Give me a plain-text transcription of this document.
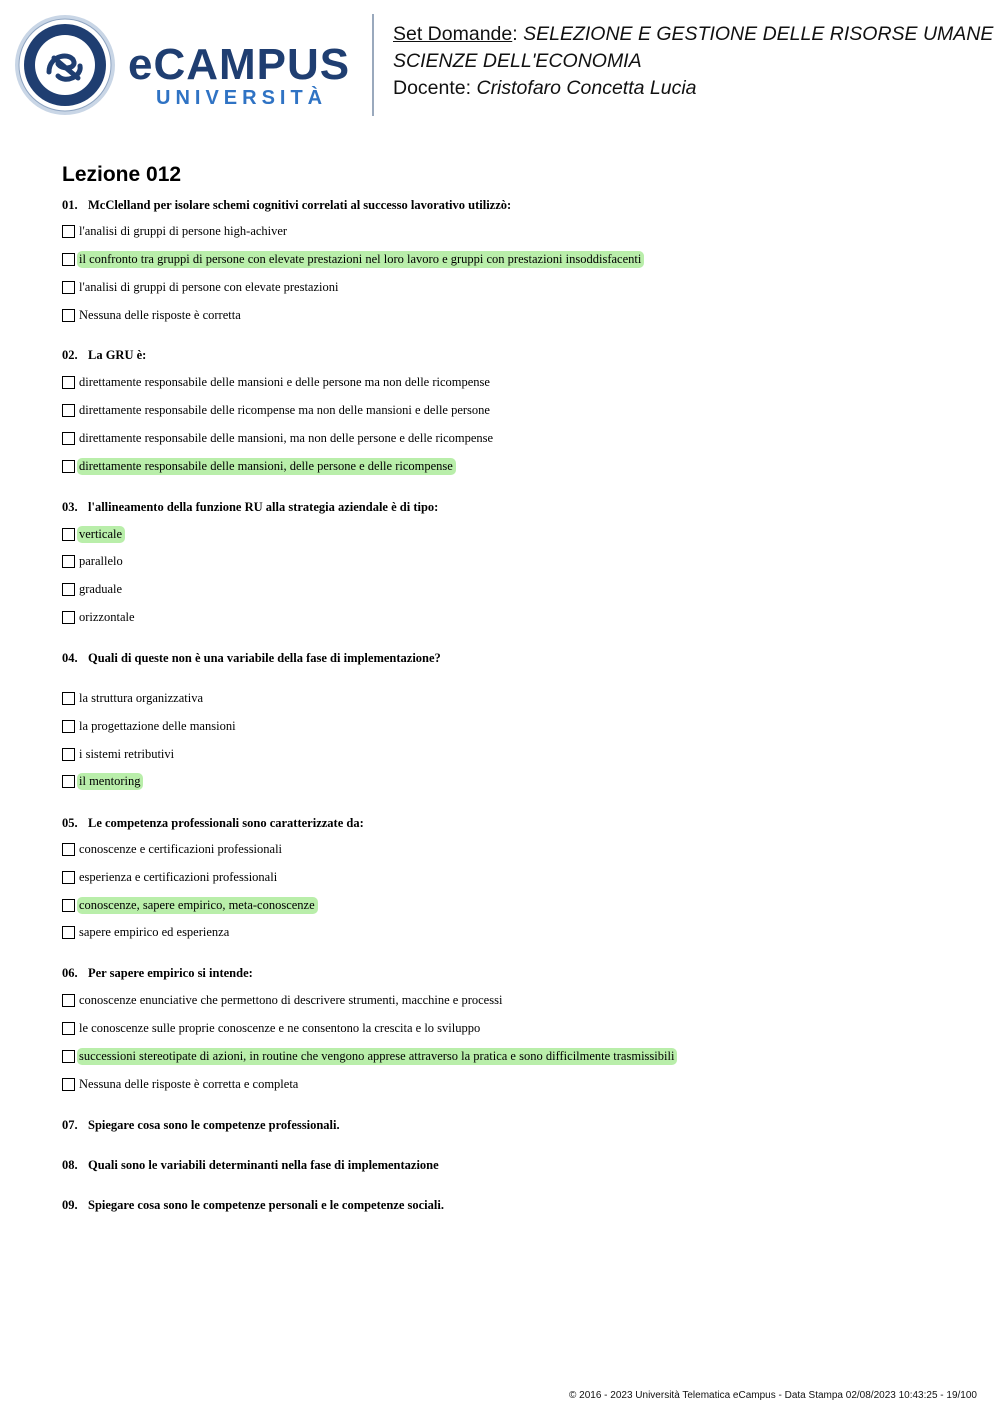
eCAMPUS
UNIVERSITÀ
Set Domande: SELEZIONE E GESTIONE DELLE RISORSE UMANE
SCIENZE DELL'ECONOMIA
Docente: Cristofaro Concetta Lucia
Lezione 012
01. McClelland per isolare schemi cognitivi correlati al successo lavorativo utilizzò:
l'analisi di gruppi di persone high-achiver
il confronto tra gruppi di persone con elevate prestazioni nel loro lavoro e gruppi con prestazioni insoddisfacenti
l'analisi di gruppi di persone con elevate prestazioni
Nessuna delle risposte è corretta
02. La GRU è:
direttamente responsabile delle mansioni e delle persone ma non delle ricompense
direttamente responsabile delle ricompense ma non delle mansioni e delle persone
direttamente responsabile delle mansioni, ma non delle persone e delle ricompense
direttamente responsabile delle mansioni, delle persone e delle ricompense
03. l'allineamento della funzione RU alla strategia aziendale è di tipo:
verticale
parallelo
graduale
orizzontale
04. Quali di queste non è una variabile della fase di implementazione?
la struttura organizzativa
la progettazione delle mansioni
i sistemi retributivi
il mentoring
05. Le competenza professionali sono caratterizzate da:
conoscenze e certificazioni professionali
esperienza e certificazioni professionali
conoscenze, sapere empirico, meta-conoscenze
sapere empirico ed esperienza
06. Per sapere empirico si intende:
conoscenze enunciative che permettono di descrivere strumenti, macchine e processi
le conoscenze sulle proprie conoscenze e ne consentono la crescita e lo sviluppo
successioni stereotipate di azioni, in routine che vengono apprese attraverso la pratica e sono difficilmente trasmissibili
Nessuna delle risposte è corretta e completa
07. Spiegare cosa sono le competenze professionali.
08. Quali sono le variabili determinanti nella fase di implementazione
09. Spiegare cosa sono le competenze personali e le competenze sociali.
© 2016 - 2023 Università Telematica eCampus - Data Stampa 02/08/2023 10:43:25 - 19/100
